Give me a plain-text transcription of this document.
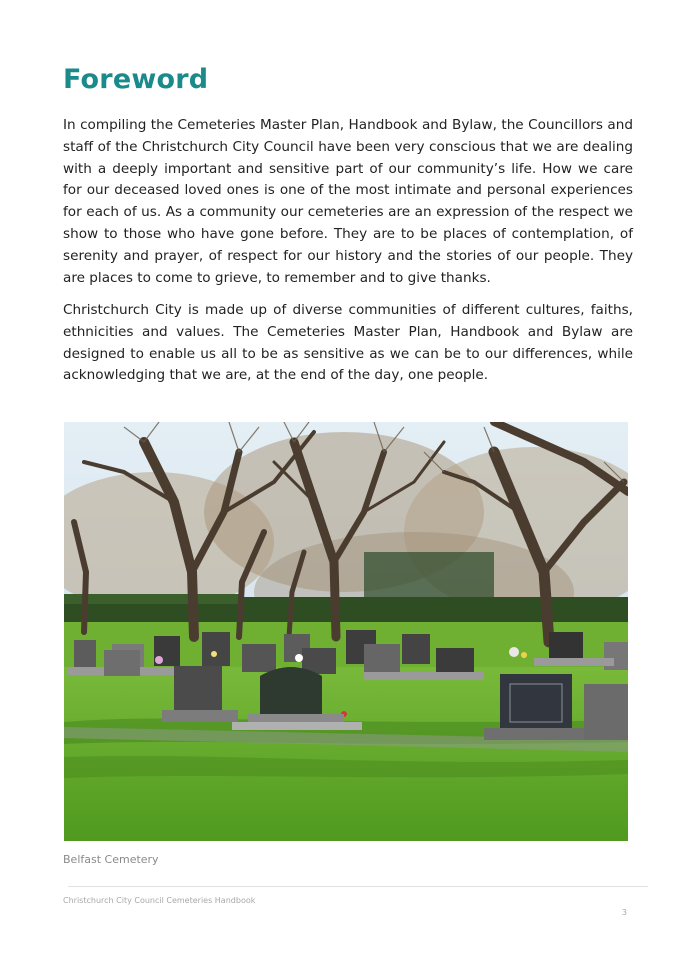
Foreword

In compiling the Cemeteries Master Plan, Handbook and Bylaw, the Councillors and staff of the Christchurch City Council have been very conscious that we are dealing with a deeply important and sensitive part of our community’s life. How we care for our deceased loved ones is one of the most intimate and personal experiences for each of us. As a community our cemeteries are an expression of the respect we show to those who have gone before. They are to be places of contemplation, of serenity and prayer, of respect for our history and the stories of our people. They are places to come to grieve, to remember and to give thanks.

Christchurch City is made up of diverse communities of different cultures, faiths, ethnicities and values. The Cemeteries Master Plan, Handbook and Bylaw are designed to enable us all to be as sensitive as we can be to our differences, while acknowledging that we are, at the end of the day, one people.

Belfast Cemetery
Christchurch City Council Cemeteries Handbook
3
